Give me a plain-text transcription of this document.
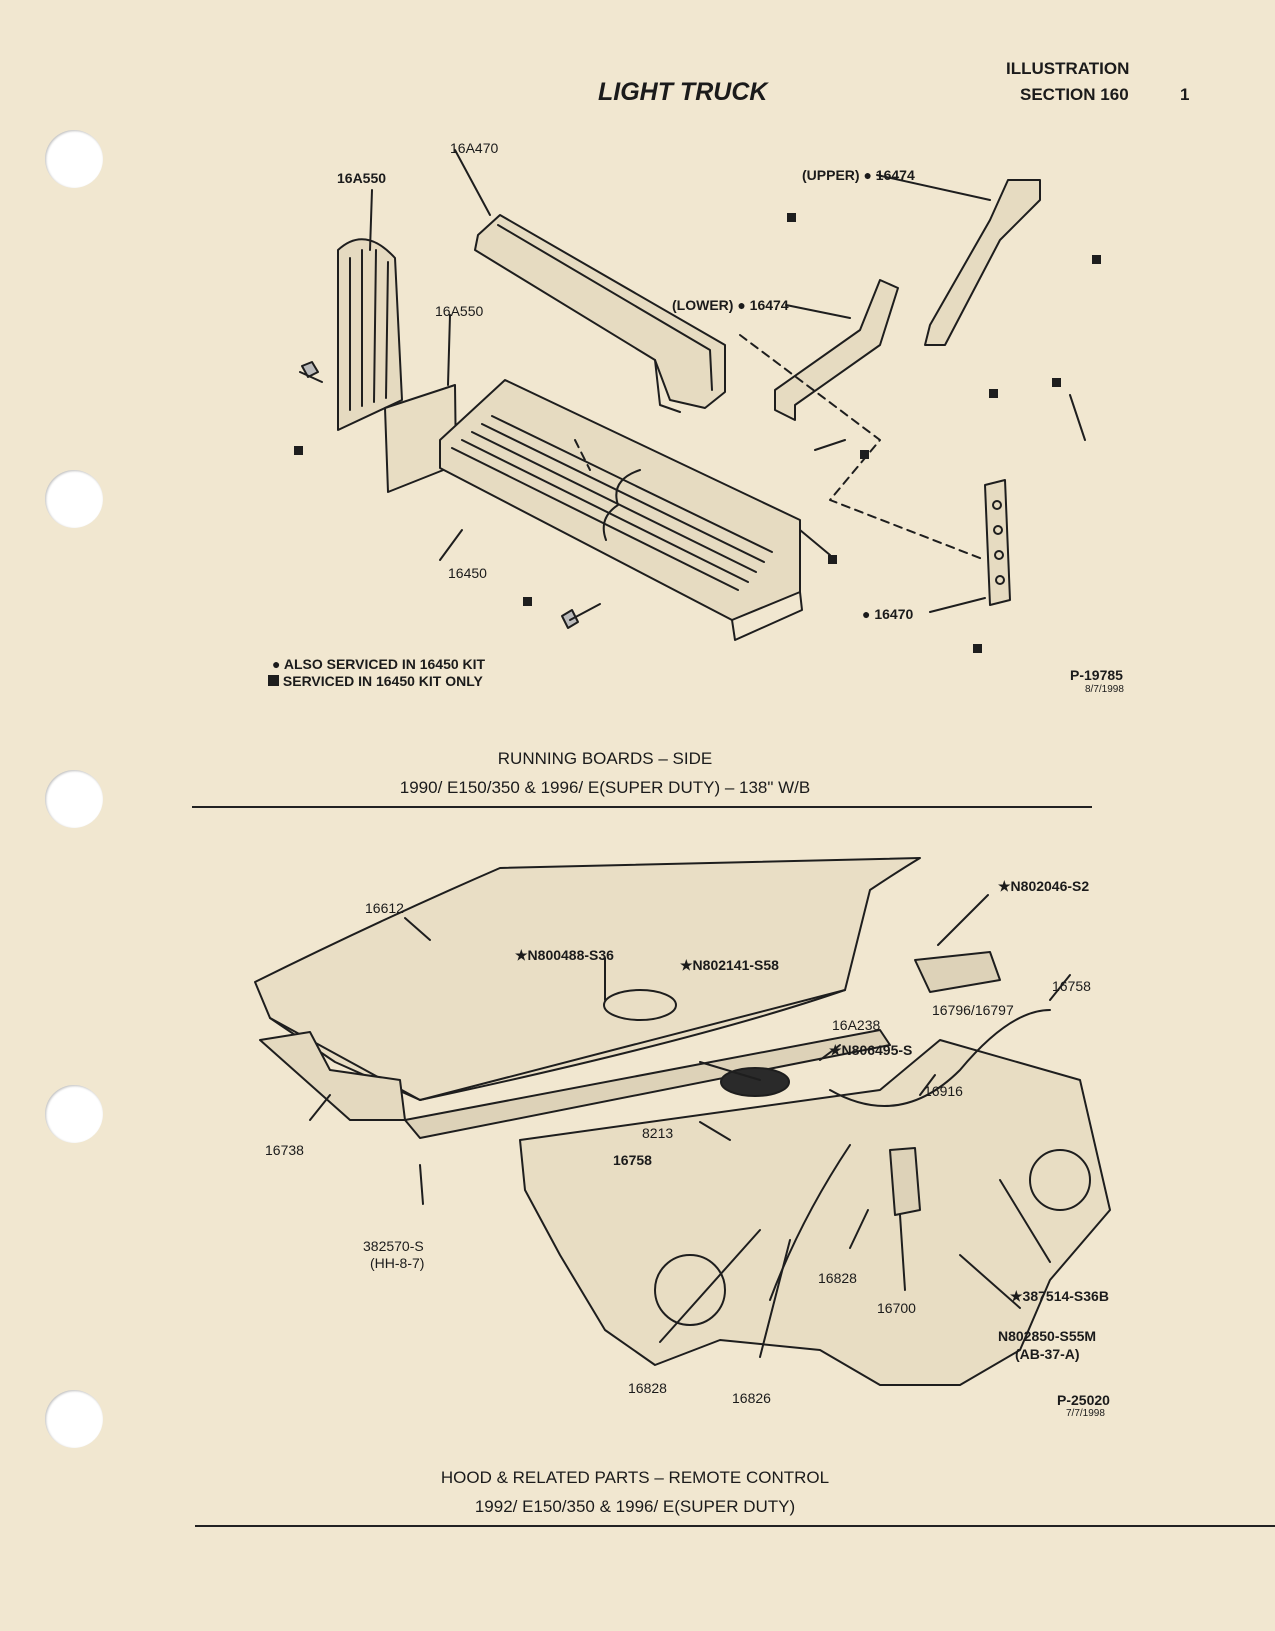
LIGHT TRUCK
ILLUSTRATION
SECTION 160	1
16A550
16A470
(UPPER) ● 16474
(LOWER) ● 16474
16A550
16450
● 16470
● ALSO SERVICED IN 16450 KIT
SERVICED IN 16450 KIT ONLY	P-19785
8/7/1998
RUNNING BOARDS – SIDE
1990/ E150/350 & 1996/ E(SUPER DUTY) – 138" W/B
16612
★N802046-S2
★N800488-S36
★N802141-S58
16796/16797
16758
16A238
★N806495-S
16916
8213
16738
16758
382570-S
(HH-8-7)
16828
16700
★387514-S36B
N802850-S55M
(AB-37-A)
16828
16826	P-25020
7/7/1998
HOOD & RELATED PARTS – REMOTE CONTROL
1992/ E150/350 & 1996/ E(SUPER DUTY)
